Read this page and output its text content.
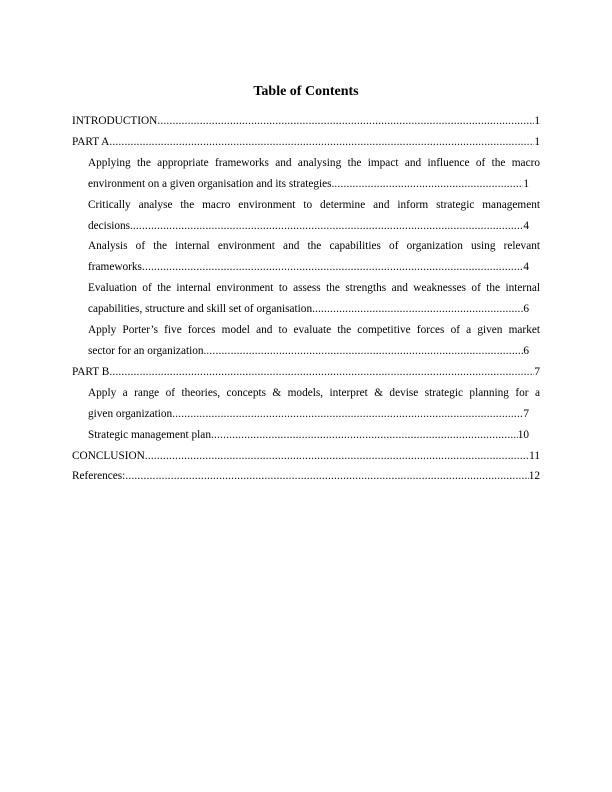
Table of Contents
INTRODUCTION .....	1
PART A .....	1
Applying the appropriate frameworks and analysing the impact and influence of the macro
environment on a given organisation and its strategies. .....	1
Critically analyse the macro environment to determine and inform strategic management
decisions. .....	4
Analysis of the internal environment and the capabilities of organization using relevant
frameworks .....	4
Evaluation of the internal environment to assess the strengths and weaknesses of the internal
capabilities, structure and skill set of organisation. .....	6
Apply Porter’s five forces model and to evaluate the competitive forces of a given market
sector for an organization. .....	6
PART B .....	7
Apply a range of theories, concepts & models, interpret & devise strategic planning for a
given organization .....	7
Strategic management plan .....	10
CONCLUSION .....	11
References: .....	12
